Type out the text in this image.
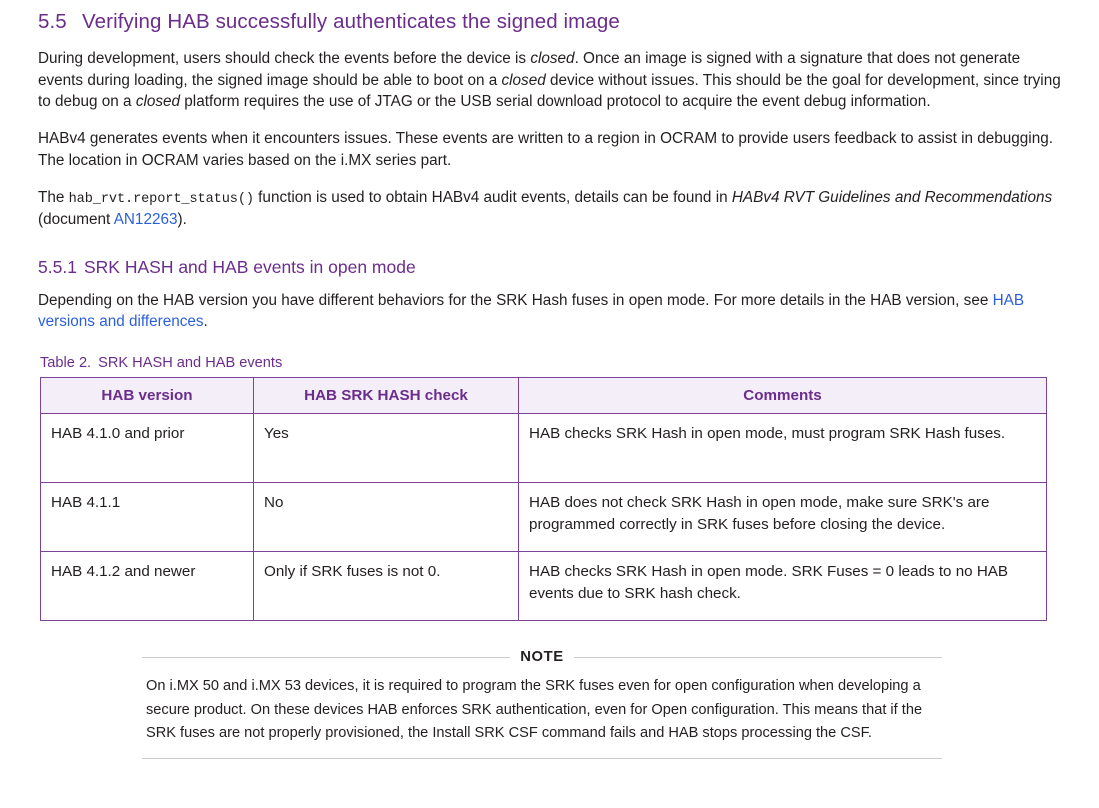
5.5 Verifying HAB successfully authenticates the signed image

During development, users should check the events before the device is closed. Once an image is signed with a signature that does not generate events during loading, the signed image should be able to boot on a closed device without issues. This should be the goal for development, since trying to debug on a closed platform requires the use of JTAG or the USB serial download protocol to acquire the event debug information.

HABv4 generates events when it encounters issues. These events are written to a region in OCRAM to provide users feedback to assist in debugging. The location in OCRAM varies based on the i.MX series part.

The hab_rvt.report_status() function is used to obtain HABv4 audit events, details can be found in HABv4 RVT Guidelines and Recommendations (document AN12263).

5.5.1 SRK HASH and HAB events in open mode

Depending on the HAB version you have different behaviors for the SRK Hash fuses in open mode. For more details in the HAB version, see HAB versions and differences.

Table 2. SRK HASH and HAB events
HAB version	HAB SRK HASH check	Comments
HAB 4.1.0 and prior	Yes	HAB checks SRK Hash in open mode, must program SRK Hash fuses.
HAB 4.1.1	No	HAB does not check SRK Hash in open mode, make sure SRK's are programmed correctly in SRK fuses before closing the device.
HAB 4.1.2 and newer	Only if SRK fuses is not 0.	HAB checks SRK Hash in open mode. SRK Fuses = 0 leads to no HAB events due to SRK hash check.
NOTE
On i.MX 50 and i.MX 53 devices, it is required to program the SRK fuses even for open configuration when developing a secure product. On these devices HAB enforces SRK authentication, even for Open configuration. This means that if the SRK fuses are not properly provisioned, the Install SRK CSF command fails and HAB stops processing the CSF.
